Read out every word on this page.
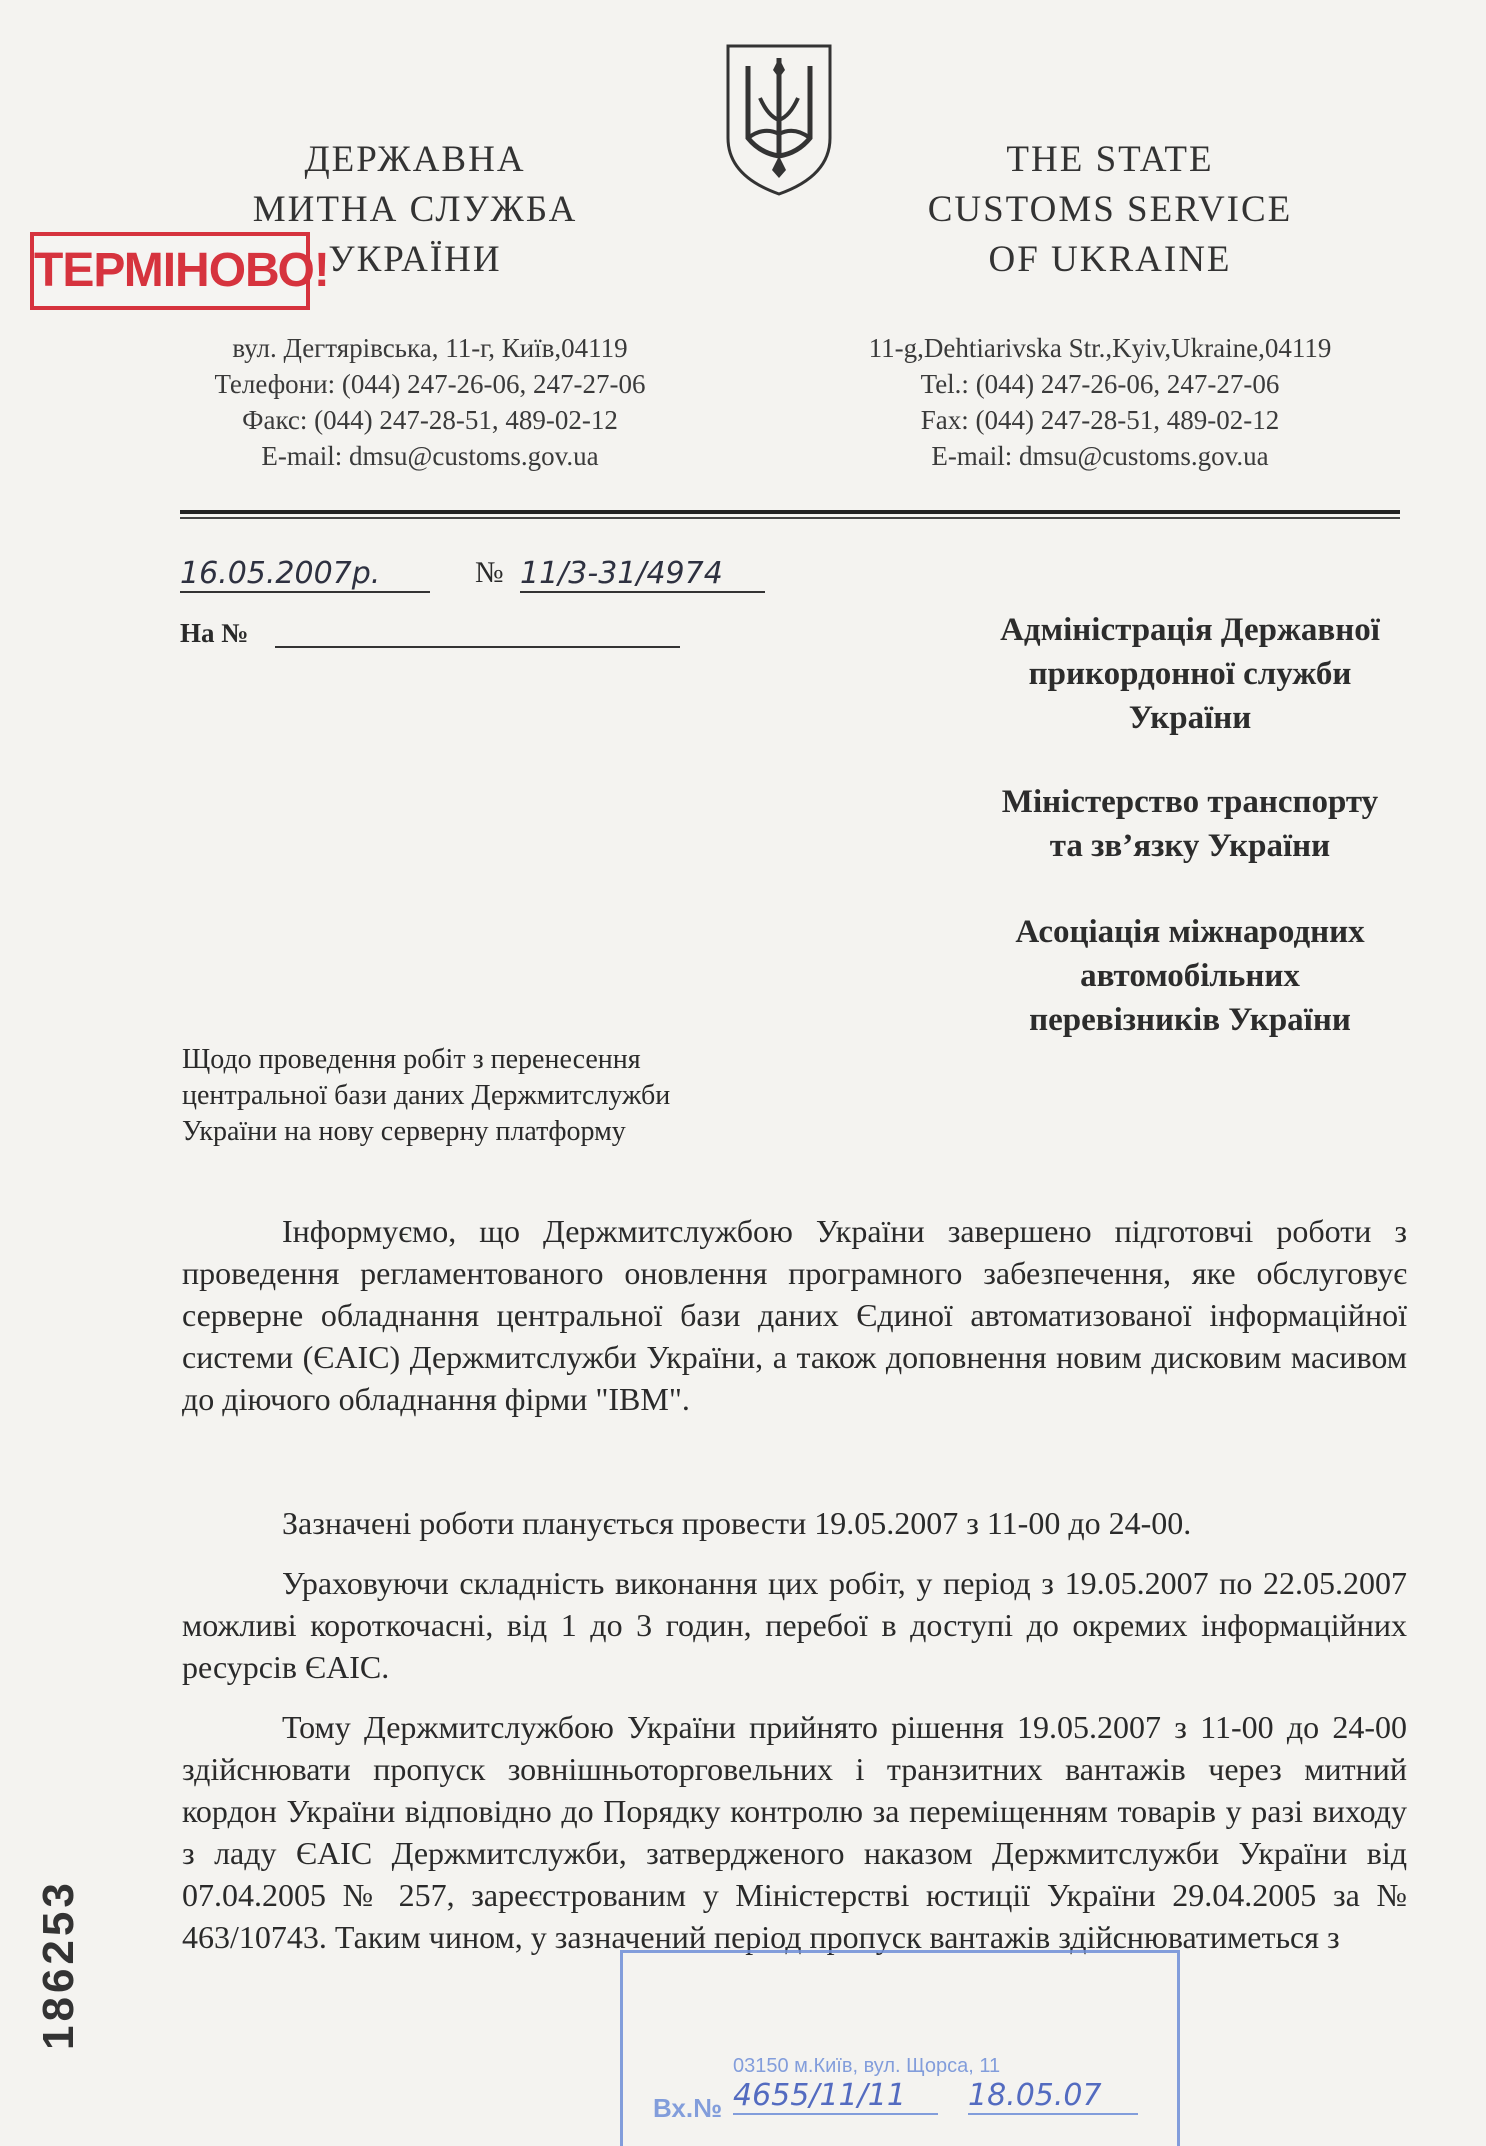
ДЕРЖАВНА
МИТНА СЛУЖБА
УКРАЇНИ
THE STATE
CUSTOMS SERVICE
OF UKRAINE
ТЕРМІНОВО!
вул. Дегтярівська, 11-г, Київ,04119
Телефони: (044) 247-26-06, 247-27-06
Факс: (044) 247-28-51, 489-02-12
E-mail: dmsu@customs.gov.ua
11-g,Dehtiarivska Str.,Kyiv,Ukraine,04119
Tel.: (044) 247-26-06, 247-27-06
Fax: (044) 247-28-51, 489-02-12
E-mail: dmsu@customs.gov.ua
16.05.2007р.	№ 11/3-31/4974
На №	Адміністрація Державної
прикордонної служби
України
Міністерство транспорту
та зв’язку України
Асоціація міжнародних
автомобільних
перевізників України
Щодо проведення робіт з перенесення
центральної бази даних Держмитслужби
України на нову серверну платформу

Інформуємо, що Держмитслужбою України завершено підготовчі роботи з проведення регламентованого оновлення програмного забезпечення, яке обслуговує серверне обладнання центральної бази даних Єдиної автоматизованої інформаційної системи (ЄАІС) Держмитслужби України, а також доповнення новим дисковим масивом до діючого обладнання фірми "IBM".

Зазначені роботи планується провести 19.05.2007 з 11-00 до 24-00.

Ураховуючи складність виконання цих робіт, у період з 19.05.2007 по 22.05.2007 можливі короткочасні, від 1 до 3 годин, перебої в доступі до окремих інформаційних ресурсів ЄАІС.

Тому Держмитслужбою України прийнято рішення 19.05.2007 з 11-00 до 24-00 здійснювати пропуск зовнішньоторговельних і транзитних вантажів через митний кордон України відповідно до Порядку контролю за переміщенням товарів у разі виходу з ладу ЄАІС Держмитслужби, затвердженого наказом Держмитслужби України від 07.04.2005 № 257, зареєстрованим у Міністерстві юстиції України 29.04.2005 за № 463/10743. Таким чином, у зазначений період пропуск вантажів здійснюватиметься з

186253
03150 м.Київ, вул. Щорса, 11
Вх.№ 4655/11/11	18.05.07
